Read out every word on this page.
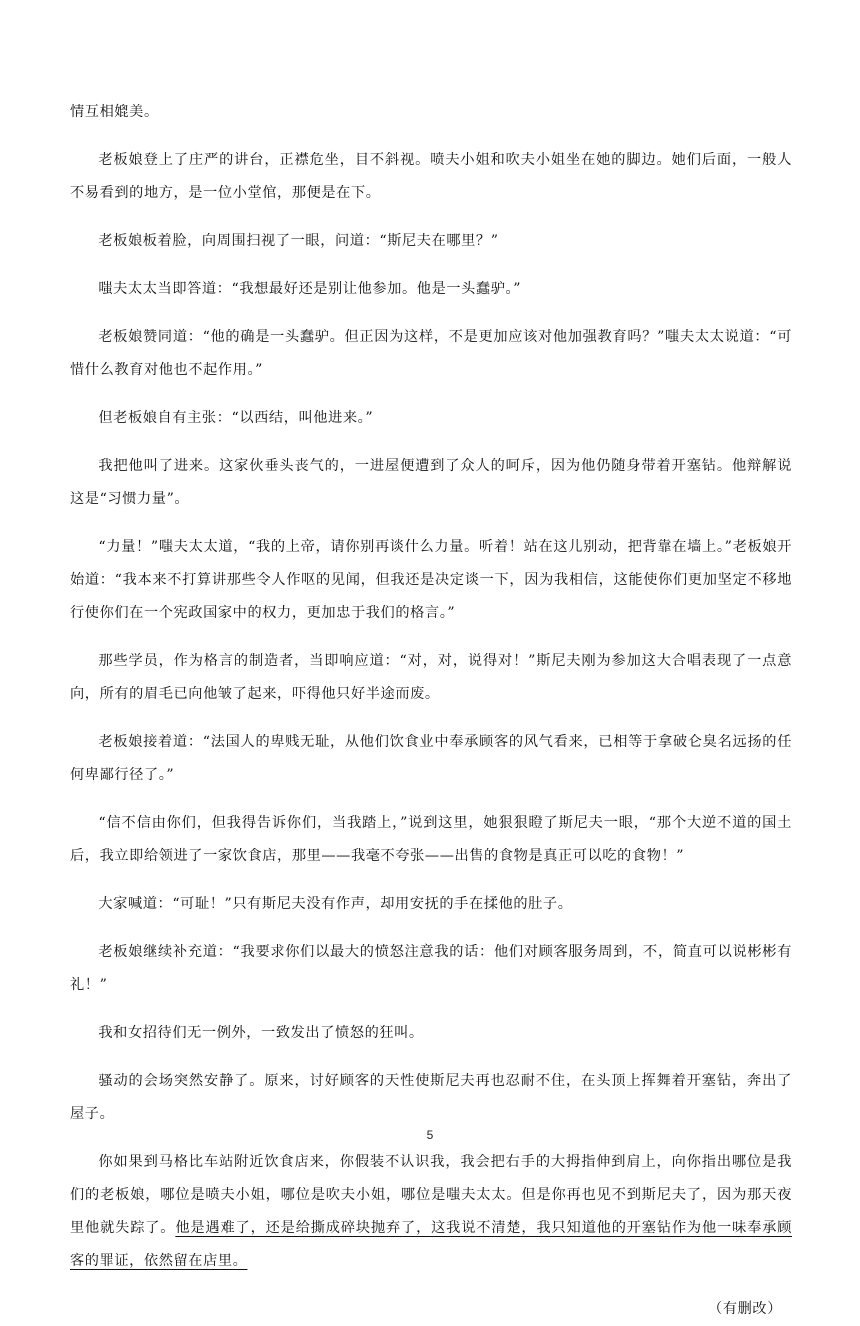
情互相媲美。

老板娘登上了庄严的讲台，正襟危坐，目不斜视。喷夫小姐和吹夫小姐坐在她的脚边。她们后面，一般人不易看到的地方，是一位小堂倌，那便是在下。

老板娘板着脸，向周围扫视了一眼，问道：“斯尼夫在哪里？”

嗤夫太太当即答道：“我想最好还是别让他参加。他是一头蠢驴。”

老板娘赞同道：“他的确是一头蠢驴。但正因为这样，不是更加应该对他加强教育吗？”嗤夫太太说道：“可惜什么教育对他也不起作用。”

但老板娘自有主张：“以西结，叫他进来。”

我把他叫了进来。这家伙垂头丧气的，一进屋便遭到了众人的呵斥，因为他仍随身带着开塞钻。他辩解说这是“习惯力量”。

“力量！”嗤夫太太道，“我的上帝，请你别再谈什么力量。听着！站在这儿别动，把背靠在墙上。”老板娘开始道：“我本来不打算讲那些令人作呕的见闻，但我还是决定谈一下，因为我相信，这能使你们更加坚定不移地行使你们在一个宪政国家中的权力，更加忠于我们的格言。”

那些学员，作为格言的制造者，当即响应道：“对，对，说得对！”斯尼夫刚为参加这大合唱表现了一点意向，所有的眉毛已向他皱了起来，吓得他只好半途而废。

老板娘接着道：“法国人的卑贱无耻，从他们饮食业中奉承顾客的风气看来，已相等于拿破仑臭名远扬的任何卑鄙行径了。”

“信不信由你们，但我得告诉你们，当我踏上，”说到这里，她狠狠瞪了斯尼夫一眼，“那个大逆不道的国土后，我立即给领进了一家饮食店，那里——我毫不夸张——出售的食物是真正可以吃的食物！”

大家喊道：“可耻！”只有斯尼夫没有作声，却用安抚的手在揉他的肚子。

老板娘继续补充道：“我要求你们以最大的愤怒注意我的话：他们对顾客服务周到，不，简直可以说彬彬有礼！”

我和女招待们无一例外，一致发出了愤怒的狂叫。

骚动的会场突然安静了。原来，讨好顾客的天性使斯尼夫再也忍耐不住，在头顶上挥舞着开塞钻，奔出了屋子。

你如果到马格比车站附近饮食店来，你假装不认识我，我会把右手的大拇指伸到肩上，向你指出哪位是我们的老板娘，哪位是喷夫小姐，哪位是吹夫小姐，哪位是嗤夫太太。但是你再也见不到斯尼夫了，因为那天夜里他就失踪了。他是遇难了，还是给撕成碎块抛弃了，这我说不清楚，我只知道他的开塞钻作为他一味奉承顾客的罪证，依然留在店里。

（有删改）
5
